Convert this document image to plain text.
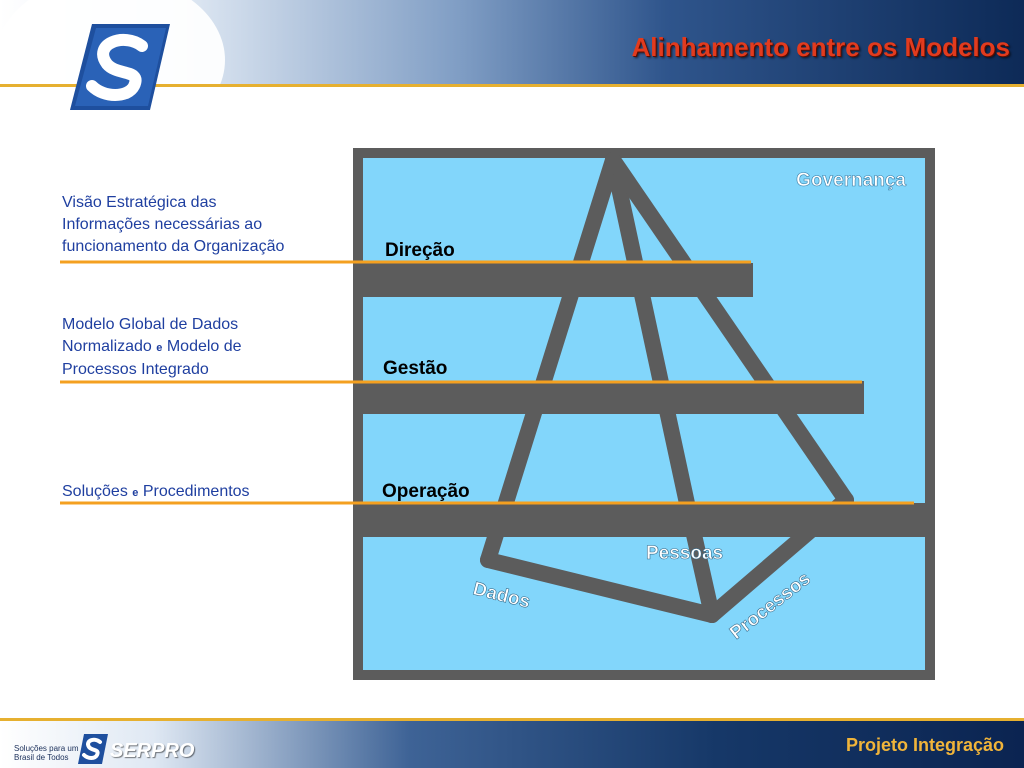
Alinhamento entre os Modelos
Visão Estratégica das
Informações necessárias ao
funcionamento da Organização
Modelo Global de Dados
Normalizado e Modelo de
Processos Integrado
Soluções e Procedimentos
Governança
Direção
Gestão
Operação
Pessoas
Dados	Processos
Soluções para um
Brasil de Todos	SERPRO	Projeto Integração
